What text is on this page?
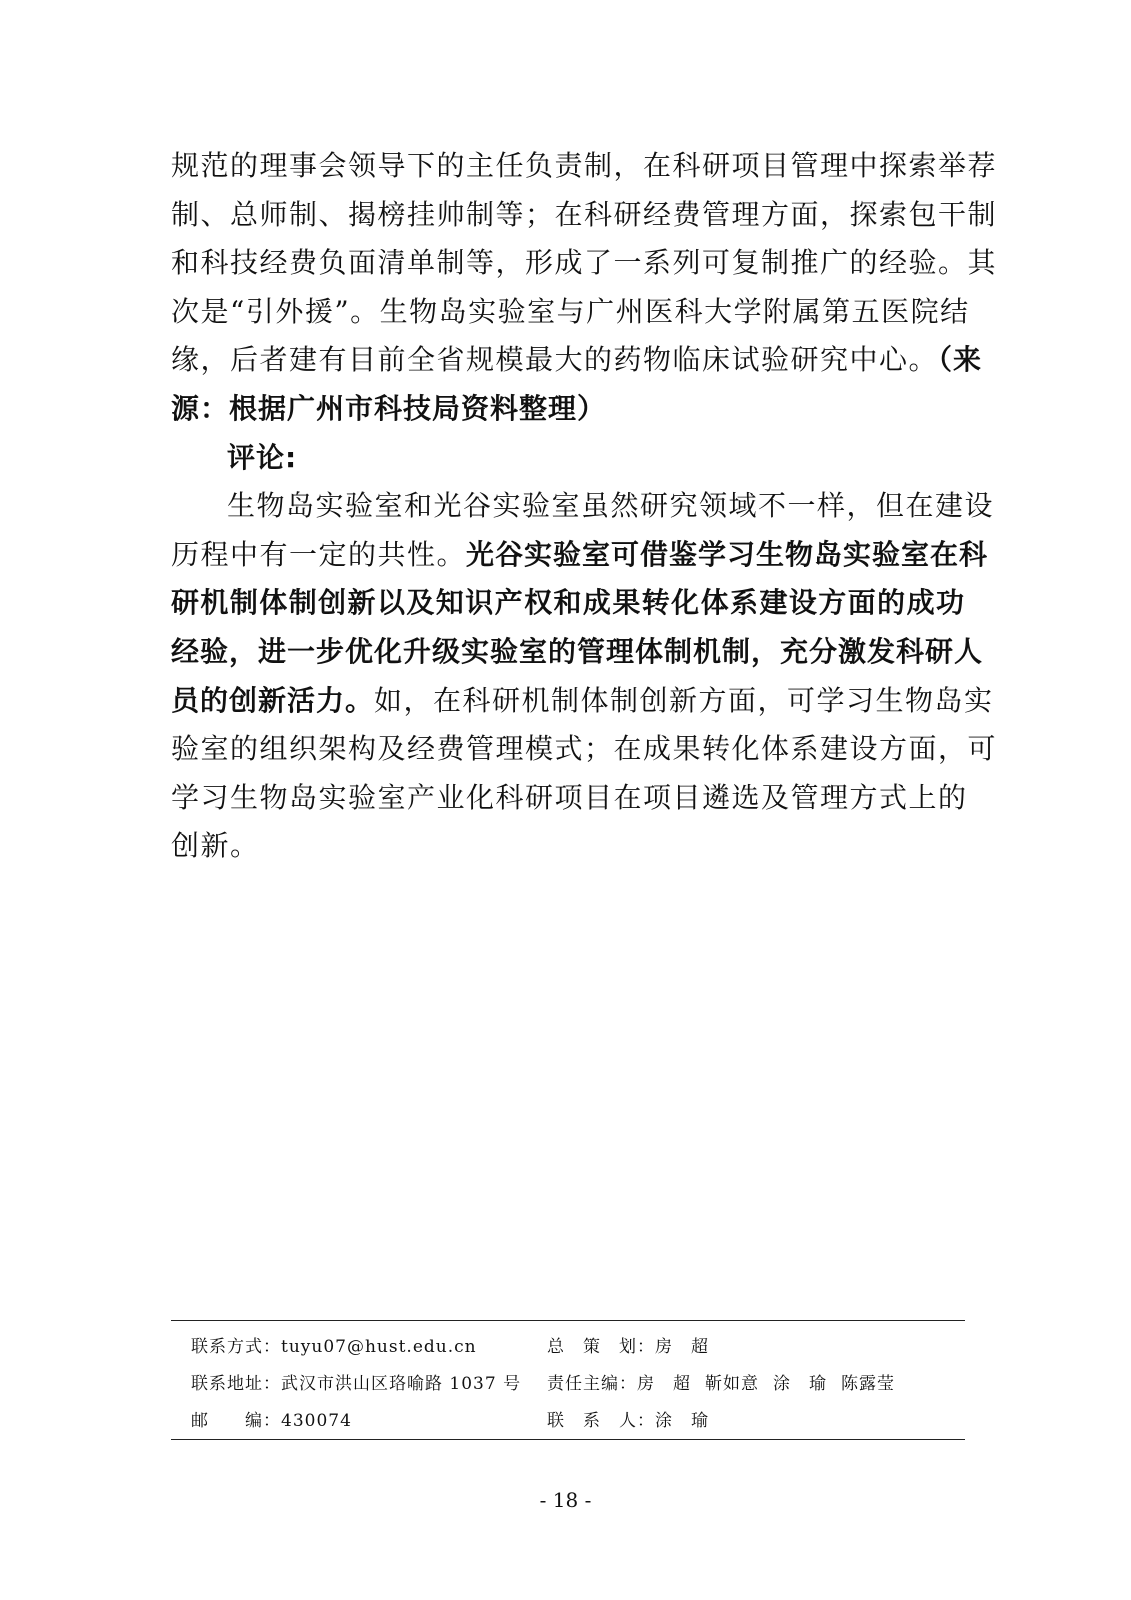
规范的理事会领导下的主任负责制，在科研项目管理中探索举荐
制、总师制、揭榜挂帅制等；在科研经费管理方面，探索包干制
和科技经费负面清单制等，形成了一系列可复制推广的经验。其
次是“引外援”。生物岛实验室与广州医科大学附属第五医院结
缘，后者建有目前全省规模最大的药物临床试验研究中心。（来
源：根据广州市科技局资料整理）
评论:
生物岛实验室和光谷实验室虽然研究领域不一样，但在建设
历程中有一定的共性。光谷实验室可借鉴学习生物岛实验室在科
研机制体制创新以及知识产权和成果转化体系建设方面的成功
经验，进一步优化升级实验室的管理体制机制，充分激发科研人
员的创新活力。如，在科研机制体制创新方面，可学习生物岛实
验室的组织架构及经费管理模式；在成果转化体系建设方面，可
学习生物岛实验室产业化科研项目在项目遴选及管理方式上的
创新。
联系方式：tuyu07@hust.edu.cn
联系地址：武汉市洪山区珞喻路 1037 号
邮　　编：430074
总　策　划：房　超
责任主编：房　超 靳如意 涂　瑜 陈露莹
联　系　人：涂　瑜
- 18 -
